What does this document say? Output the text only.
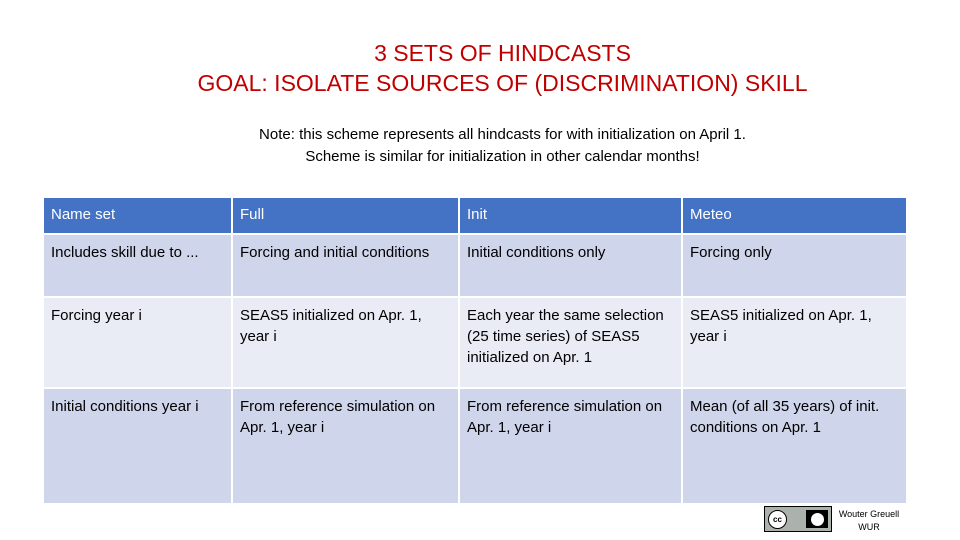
3 SETS OF HINDCASTS
GOAL: ISOLATE SOURCES OF (DISCRIMINATION) SKILL
Note: this scheme represents all hindcasts for with initialization on April 1.
Scheme is similar for initialization in other calendar months!
Name set	Full	Init	Meteo
Includes skill due to ...	Forcing and initial conditions	Initial conditions only	Forcing only
Forcing year i	SEAS5 initialized on Apr. 1, year i	Each year the same selection (25 time series) of SEAS5 initialized on Apr. 1	SEAS5 initialized on Apr. 1, year i
Initial conditions year i	From reference simulation on Apr. 1, year i	From reference simulation on Apr. 1, year i	Mean (of all 35 years) of init. conditions on Apr. 1
cc	Wouter Greuell
WUR
